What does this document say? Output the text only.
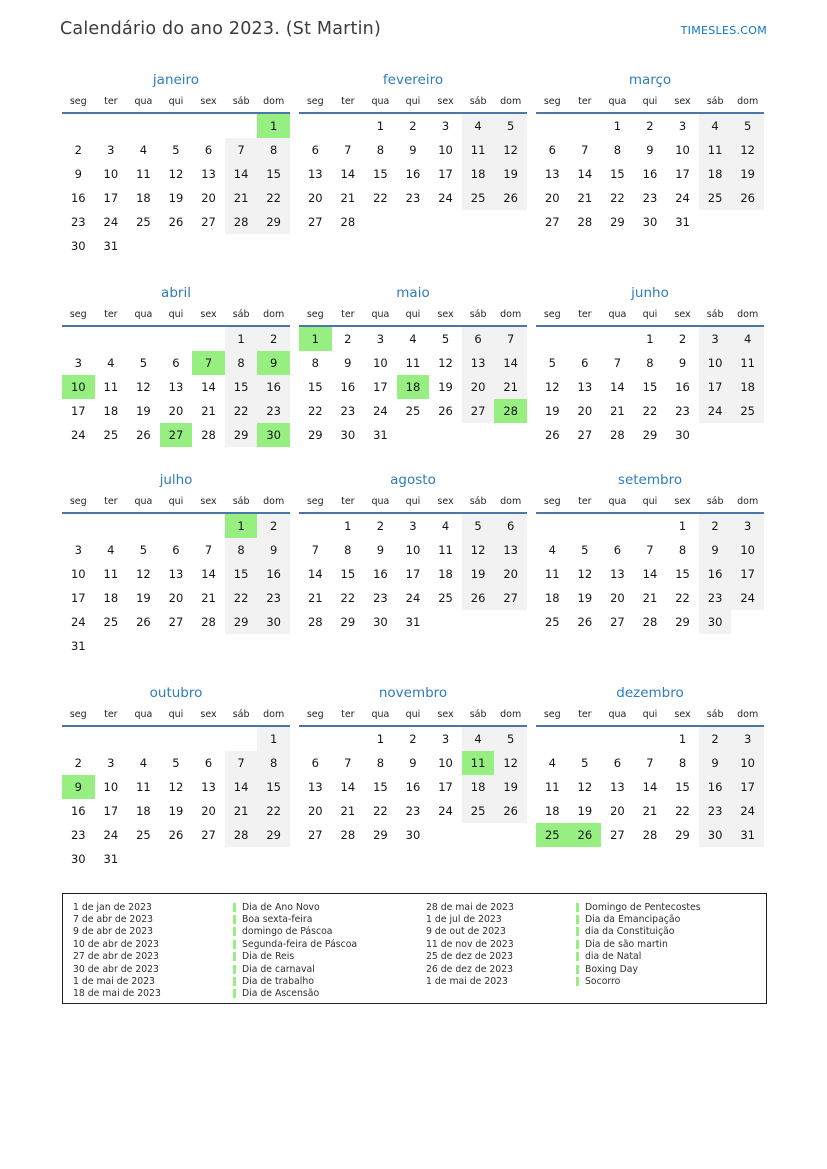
Calendário do ano 2023. (St Martin)	TIMESLES.COM
janeiro
seg	ter	qua	qui	sex	sáb	dom
						1
2	3	4	5	6	7	8
9	10	11	12	13	14	15
16	17	18	19	20	21	22
23	24	25	26	27	28	29
30	31					
fevereiro
seg	ter	qua	qui	sex	sáb	dom
		1	2	3	4	5
6	7	8	9	10	11	12
13	14	15	16	17	18	19
20	21	22	23	24	25	26
27	28					
março
seg	ter	qua	qui	sex	sáb	dom
		1	2	3	4	5
6	7	8	9	10	11	12
13	14	15	16	17	18	19
20	21	22	23	24	25	26
27	28	29	30	31		
abril
seg	ter	qua	qui	sex	sáb	dom
					1	2
3	4	5	6	7	8	9
10	11	12	13	14	15	16
17	18	19	20	21	22	23
24	25	26	27	28	29	30
maio
seg	ter	qua	qui	sex	sáb	dom
1	2	3	4	5	6	7
8	9	10	11	12	13	14
15	16	17	18	19	20	21
22	23	24	25	26	27	28
29	30	31				
junho
seg	ter	qua	qui	sex	sáb	dom
			1	2	3	4
5	6	7	8	9	10	11
12	13	14	15	16	17	18
19	20	21	22	23	24	25
26	27	28	29	30		
julho
seg	ter	qua	qui	sex	sáb	dom
					1	2
3	4	5	6	7	8	9
10	11	12	13	14	15	16
17	18	19	20	21	22	23
24	25	26	27	28	29	30
31						
agosto
seg	ter	qua	qui	sex	sáb	dom
	1	2	3	4	5	6
7	8	9	10	11	12	13
14	15	16	17	18	19	20
21	22	23	24	25	26	27
28	29	30	31			
setembro
seg	ter	qua	qui	sex	sáb	dom
				1	2	3
4	5	6	7	8	9	10
11	12	13	14	15	16	17
18	19	20	21	22	23	24
25	26	27	28	29	30	
outubro
seg	ter	qua	qui	sex	sáb	dom
						1
2	3	4	5	6	7	8
9	10	11	12	13	14	15
16	17	18	19	20	21	22
23	24	25	26	27	28	29
30	31					
novembro
seg	ter	qua	qui	sex	sáb	dom
		1	2	3	4	5
6	7	8	9	10	11	12
13	14	15	16	17	18	19
20	21	22	23	24	25	26
27	28	29	30			
dezembro
seg	ter	qua	qui	sex	sáb	dom
				1	2	3
4	5	6	7	8	9	10
11	12	13	14	15	16	17
18	19	20	21	22	23	24
25	26	27	28	29	30	31
1 de jan de 2023	Dia de Ano Novo
7 de abr de 2023	Boa sexta-feira
9 de abr de 2023	domingo de Páscoa
10 de abr de 2023	Segunda-feira de Páscoa
27 de abr de 2023	Dia de Reis
30 de abr de 2023	Dia de carnaval
1 de mai de 2023	Dia de trabalho
18 de mai de 2023	Dia de Ascensão
28 de mai de 2023	Domingo de Pentecostes
1 de jul de 2023	Dia da Emancipação
9 de out de 2023	dia da Constituição
11 de nov de 2023	Dia de são martin
25 de dez de 2023	dia de Natal
26 de dez de 2023	Boxing Day
1 de mai de 2023	Socorro
